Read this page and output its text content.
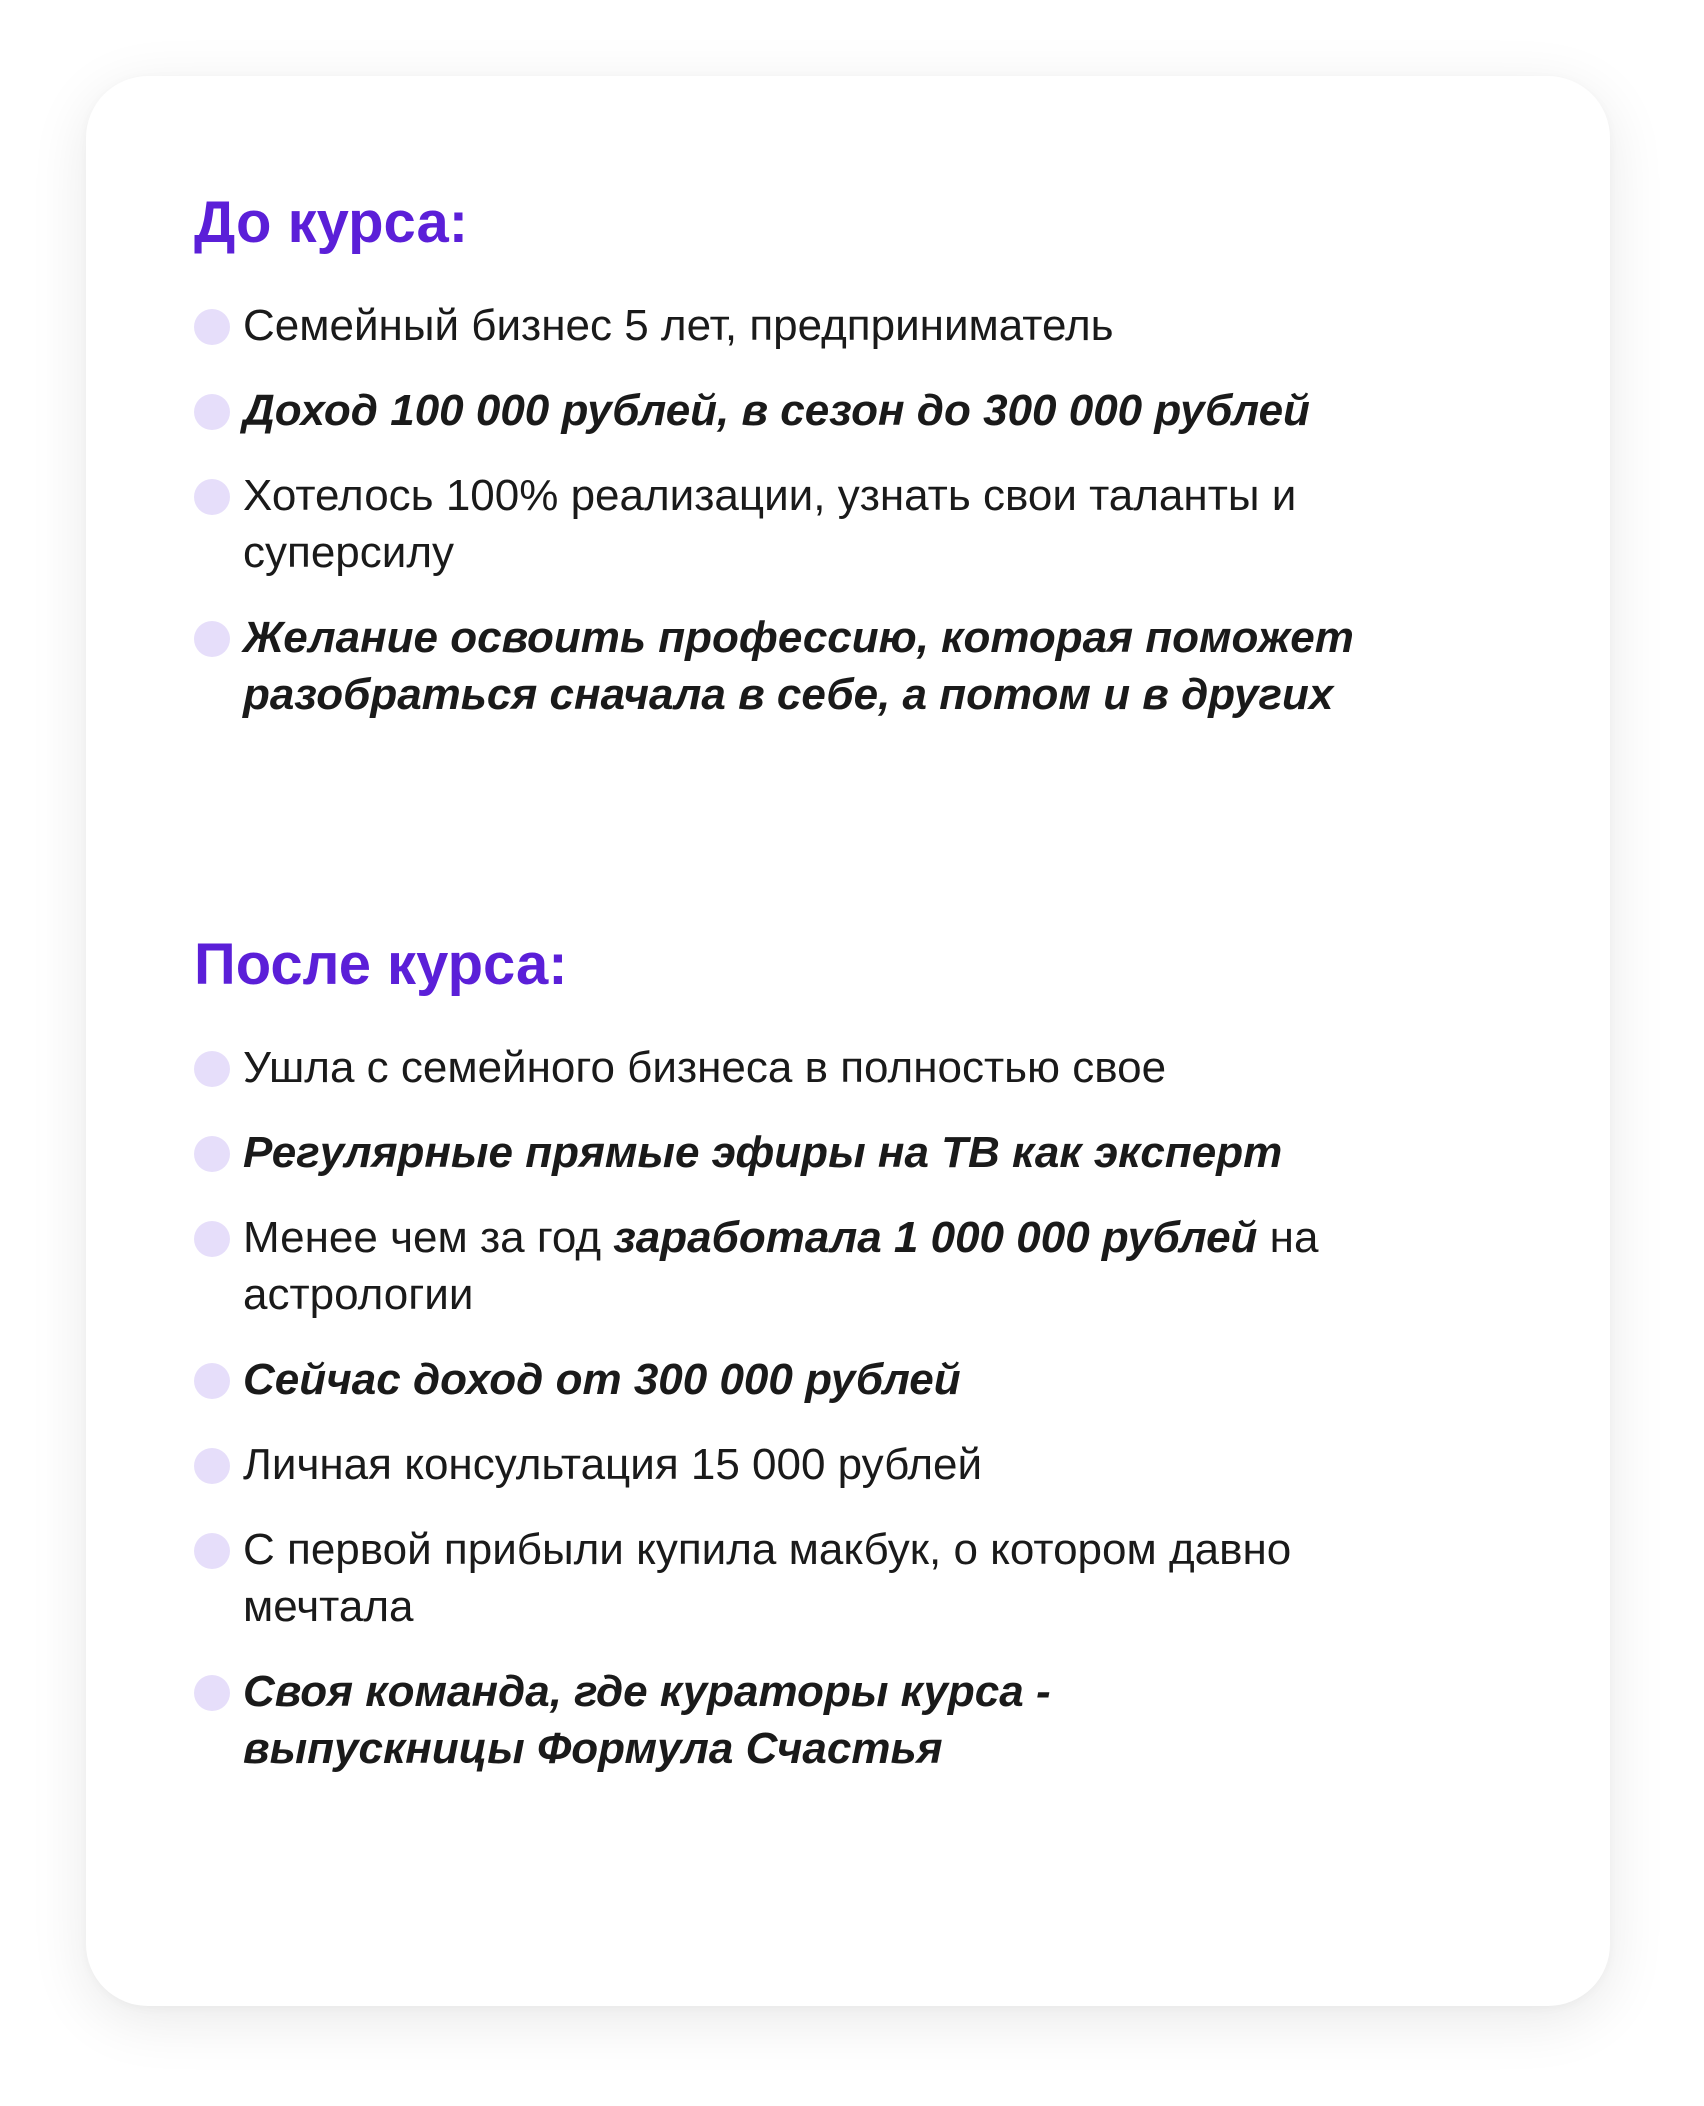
До курса:
Семейный бизнес 5 лет, предприниматель
Доход 100 000 рублей, в сезон до 300 000 рублей
Хотелось 100% реализации, узнать свои таланты и суперсилу
Желание освоить профессию, которая поможет разобраться сначала в себе, а потом и в других
После курса:
Ушла с семейного бизнеса в полностью свое
Регулярные прямые эфиры на ТВ как эксперт
Менее чем за год заработала 1 000 000 рублей на астрологии
Сейчас доход от 300 000 рублей
Личная консультация 15 000 рублей
С первой прибыли купила макбук, о котором давно мечтала
Своя команда, где кураторы курса - выпускницы Формула Счастья
